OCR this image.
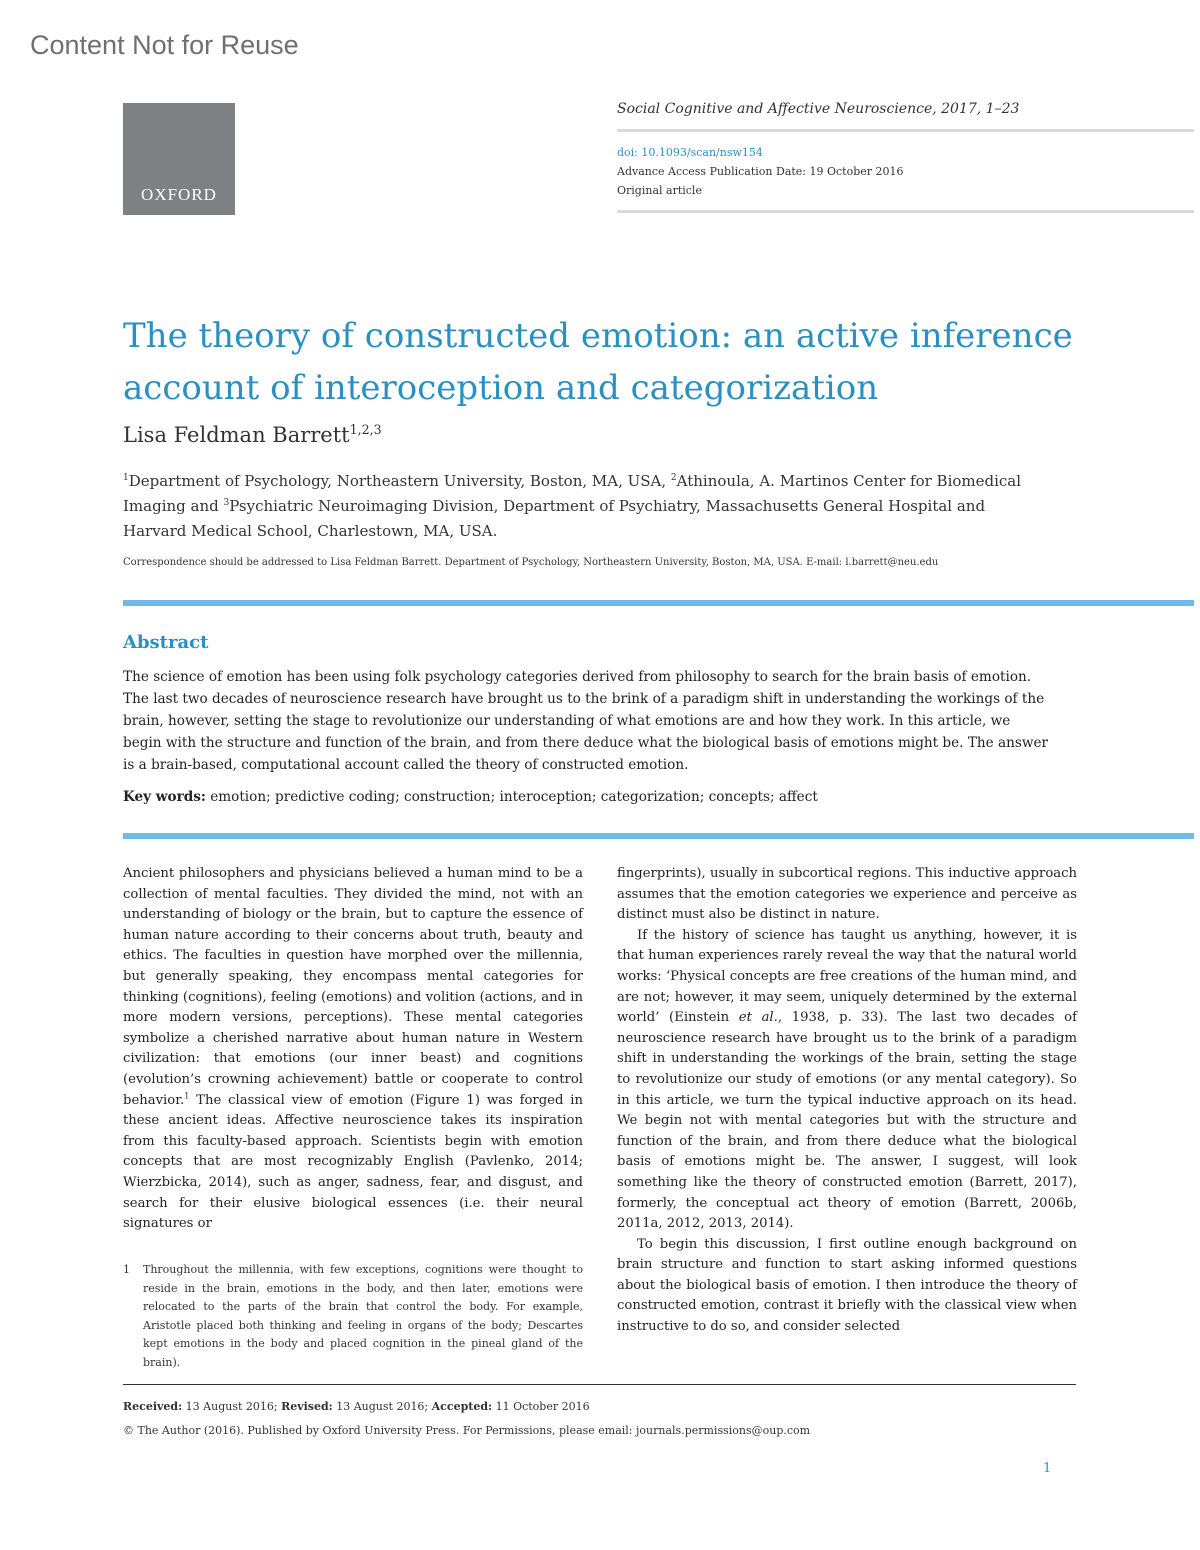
Content Not for Reuse
OXFORD
Social Cognitive and Affective Neuroscience, 2017, 1–23
doi: 10.1093/scan/nsw154
Advance Access Publication Date: 19 October 2016
Original article
The theory of constructed emotion: an active inference account of interoception and categorization
Lisa Feldman Barrett$^{1,2,3}$
$^1$Department of Psychology, Northeastern University, Boston, MA, USA, $^2$Athinoula, A. Martinos Center for Biomedical Imaging and $^3$Psychiatric Neuroimaging Division, Department of Psychiatry, Massachusetts General Hospital and Harvard Medical School, Charlestown, MA, USA.
Correspondence should be addressed to Lisa Feldman Barrett. Department of Psychology, Northeastern University, Boston, MA, USA. E-mail: l.barrett@neu.edu
Abstract

The science of emotion has been using folk psychology categories derived from philosophy to search for the brain basis of emotion. The last two decades of neuroscience research have brought us to the brink of a paradigm shift in understanding the workings of the brain, however, setting the stage to revolutionize our understanding of what emotions are and how they work. In this article, we begin with the structure and function of the brain, and from there deduce what the biological basis of emotions might be. The answer is a brain-based, computational account called the theory of constructed emotion.

Key words: emotion; predictive coding; construction; interoception; categorization; concepts; affect

Ancient philosophers and physicians believed a human mind to be a collection of mental faculties. They divided the mind, not with an understanding of biology or the brain, but to capture the essence of human nature according to their concerns about truth, beauty and ethics. The faculties in question have morphed over the millennia, but generally speaking, they encompass mental categories for thinking (cognitions), feeling (emotions) and volition (actions, and in more modern versions, perceptions). These mental categories symbolize a cherished narrative about human nature in Western civilization: that emotions (our inner beast) and cognitions (evolution’s crowning achievement) battle or cooperate to control behavior.$^1$ The classical view of emotion (Figure 1) was forged in these ancient ideas. Affective neuroscience takes its inspiration from this faculty-based approach. Scientists begin with emotion concepts that are most recognizably English (Pavlenko, 2014; Wierzbicka, 2014), such as anger, sadness, fear, and disgust, and search for their elusive biological essences (i.e. their neural signatures or

fingerprints), usually in subcortical regions. This inductive approach assumes that the emotion categories we experience and perceive as distinct must also be distinct in nature.

If the history of science has taught us anything, however, it is that human experiences rarely reveal the way that the natural world works: ‘Physical concepts are free creations of the human mind, and are not; however, it may seem, uniquely determined by the external world’ (Einstein et al., 1938, p. 33). The last two decades of neuroscience research have brought us to the brink of a paradigm shift in understanding the workings of the brain, setting the stage to revolutionize our study of emotions (or any mental category). So in this article, we turn the typical inductive approach on its head. We begin not with mental categories but with the structure and function of the brain, and from there deduce what the biological basis of emotions might be. The answer, I suggest, will look something like the theory of constructed emotion (Barrett, 2017), formerly, the conceptual act theory of emotion (Barrett, 2006b, 2011a, 2012, 2013, 2014).

To begin this discussion, I first outline enough background on brain structure and function to start asking informed questions about the biological basis of emotion. I then introduce the theory of constructed emotion, contrast it briefly with the classical view when instructive to do so, and consider selected

1 Throughout the millennia, with few exceptions, cognitions were thought to reside in the brain, emotions in the body, and then later, emotions were relocated to the parts of the brain that control the body. For example, Aristotle placed both thinking and feeling in organs of the body; Descartes kept emotions in the body and placed cognition in the pineal gland of the brain).
Received: 13 August 2016; Revised: 13 August 2016; Accepted: 11 October 2016
© The Author (2016). Published by Oxford University Press. For Permissions, please email: journals.permissions@oup.com
1
